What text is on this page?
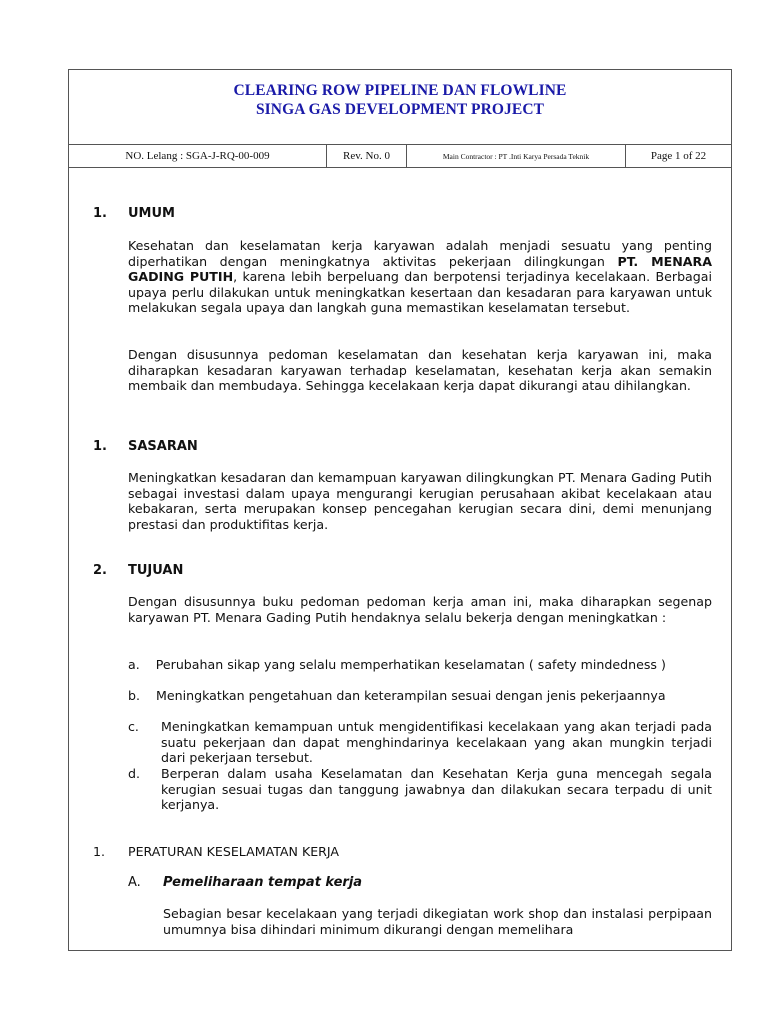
CLEARING ROW PIPELINE DAN FLOWLINE
SINGA GAS DEVELOPMENT PROJECT
NO. Lelang : SGA-J-RQ-00-009	Rev. No. 0	Main Contractor : PT .Inti Karya Persada Teknik	Page 1 of 22
1. UMUM
Kesehatan dan keselamatan kerja karyawan adalah menjadi sesuatu yang penting diperhatikan dengan meningkatnya aktivitas pekerjaan dilingkungan PT. MENARA GADING PUTIH, karena lebih berpeluang dan berpotensi terjadinya kecelakaan. Berbagai upaya perlu dilakukan untuk meningkatkan kesertaan dan kesadaran para karyawan untuk melakukan segala upaya dan langkah guna memastikan keselamatan tersebut.
Dengan disusunnya pedoman keselamatan dan kesehatan kerja karyawan ini, maka diharapkan kesadaran karyawan terhadap keselamatan, kesehatan kerja akan semakin membaik dan membudaya. Sehingga kecelakaan kerja dapat dikurangi atau dihilangkan.
1. SASARAN
Meningkatkan kesadaran dan kemampuan karyawan dilingkungkan PT. Menara Gading Putih sebagai investasi dalam upaya mengurangi kerugian perusahaan akibat kecelakaan atau kebakaran, serta merupakan konsep pencegahan kerugian secara dini, demi menunjang prestasi dan produktifitas kerja.
2. TUJUAN
Dengan disusunnya buku pedoman pedoman kerja aman ini, maka diharapkan segenap karyawan PT. Menara Gading Putih hendaknya selalu bekerja dengan meningkatkan :
a. Perubahan sikap yang selalu memperhatikan keselamatan ( safety mindedness )
b. Meningkatkan pengetahuan dan keterampilan sesuai dengan jenis pekerjaannya
c. Meningkatkan kemampuan untuk mengidentifikasi kecelakaan yang akan terjadi pada suatu pekerjaan dan dapat menghindarinya kecelakaan yang akan mungkin terjadi dari pekerjaan tersebut.
d. Berperan dalam usaha Keselamatan dan Kesehatan Kerja guna mencegah segala kerugian sesuai tugas dan tanggung jawabnya dan dilakukan secara terpadu di unit kerjanya.
1. PERATURAN KESELAMATAN KERJA
A. Pemeliharaan tempat kerja
Sebagian besar kecelakaan yang terjadi dikegiatan work shop dan instalasi perpipaan umumnya bisa dihindari minimum dikurangi dengan memelihara
